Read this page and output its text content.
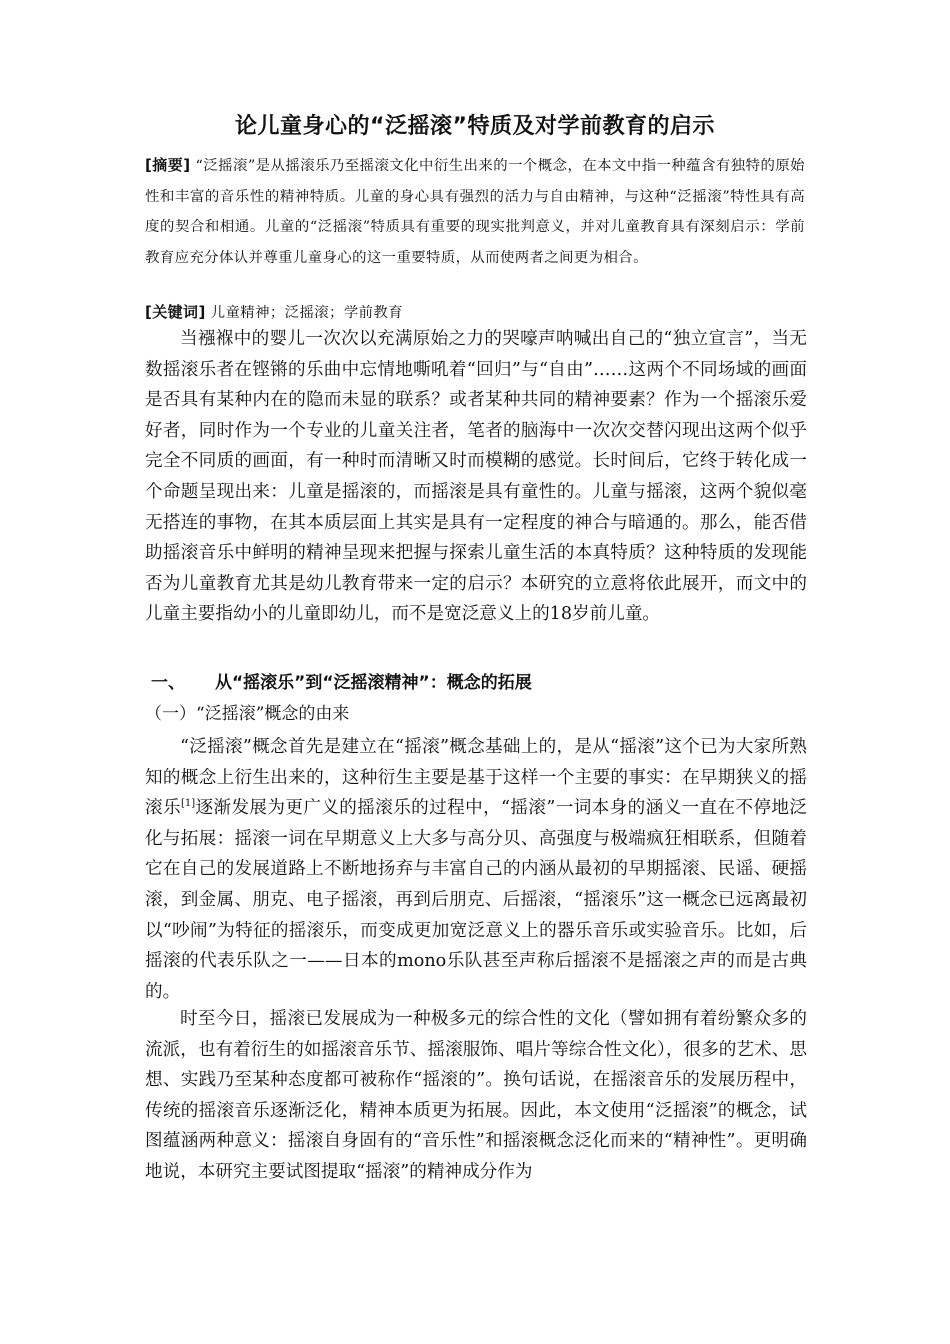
论儿童身心的“泛摇滚”特质及对学前教育的启示
[摘要] “泛摇滚”是从摇滚乐乃至摇滚文化中衍生出来的一个概念，在本文中指一种蕴含有独特的原始性和丰富的音乐性的精神特质。儿童的身心具有强烈的活力与自由精神，与这种“泛摇滚”特性具有高度的契合和相通。儿童的“泛摇滚”特质具有重要的现实批判意义，并对儿童教育具有深刻启示：学前教育应充分体认并尊重儿童身心的这一重要特质，从而使两者之间更为相合。
[关键词] 儿童精神；泛摇滚；学前教育

当襁褓中的婴儿一次次以充满原始之力的哭嚎声呐喊出自己的“独立宣言”，当无数摇滚乐者在铿锵的乐曲中忘情地嘶吼着“回归”与“自由”……这两个不同场域的画面是否具有某种内在的隐而未显的联系？或者某种共同的精神要素？作为一个摇滚乐爱好者，同时作为一个专业的儿童关注者，笔者的脑海中一次次交替闪现出这两个似乎完全不同质的画面，有一种时而清晰又时而模糊的感觉。长时间后，它终于转化成一个命题呈现出来：儿童是摇滚的，而摇滚是具有童性的。儿童与摇滚，这两个貌似毫无搭连的事物，在其本质层面上其实是具有一定程度的神合与暗通的。那么，能否借助摇滚音乐中鲜明的精神呈现来把握与探索儿童生活的本真特质？这种特质的发现能否为儿童教育尤其是幼儿教育带来一定的启示？本研究的立意将依此展开，而文中的儿童主要指幼小的儿童即幼儿，而不是宽泛意义上的18岁前儿童。

一、 从“摇滚乐”到“泛摇滚精神”：概念的拓展
（一）“泛摇滚”概念的由来

“泛摇滚”概念首先是建立在“摇滚”概念基础上的，是从“摇滚”这个已为大家所熟知的概念上衍生出来的，这种衍生主要是基于这样一个主要的事实：在早期狭义的摇滚乐[1]逐渐发展为更广义的摇滚乐的过程中，“摇滚”一词本身的涵义一直在不停地泛化与拓展：摇滚一词在早期意义上大多与高分贝、高强度与极端疯狂相联系，但随着它在自己的发展道路上不断地扬弃与丰富自己的内涵从最初的早期摇滚、民谣、硬摇滚，到金属、朋克、电子摇滚，再到后朋克、后摇滚，“摇滚乐”这一概念已远离最初以“吵闹”为特征的摇滚乐，而变成更加宽泛意义上的器乐音乐或实验音乐。比如，后摇滚的代表乐队之一——日本的mono乐队甚至声称后摇滚不是摇滚之声的而是古典的。

时至今日，摇滚已发展成为一种极多元的综合性的文化（譬如拥有着纷繁众多的流派，也有着衍生的如摇滚音乐节、摇滚服饰、唱片等综合性文化），很多的艺术、思想、实践乃至某种态度都可被称作“摇滚的”。换句话说，在摇滚音乐的发展历程中，传统的摇滚音乐逐渐泛化，精神本质更为拓展。因此，本文使用“泛摇滚”的概念，试图蕴涵两种意义：摇滚自身固有的“音乐性”和摇滚概念泛化而来的“精神性”。更明确地说，本研究主要试图提取“摇滚”的精神成分作为
